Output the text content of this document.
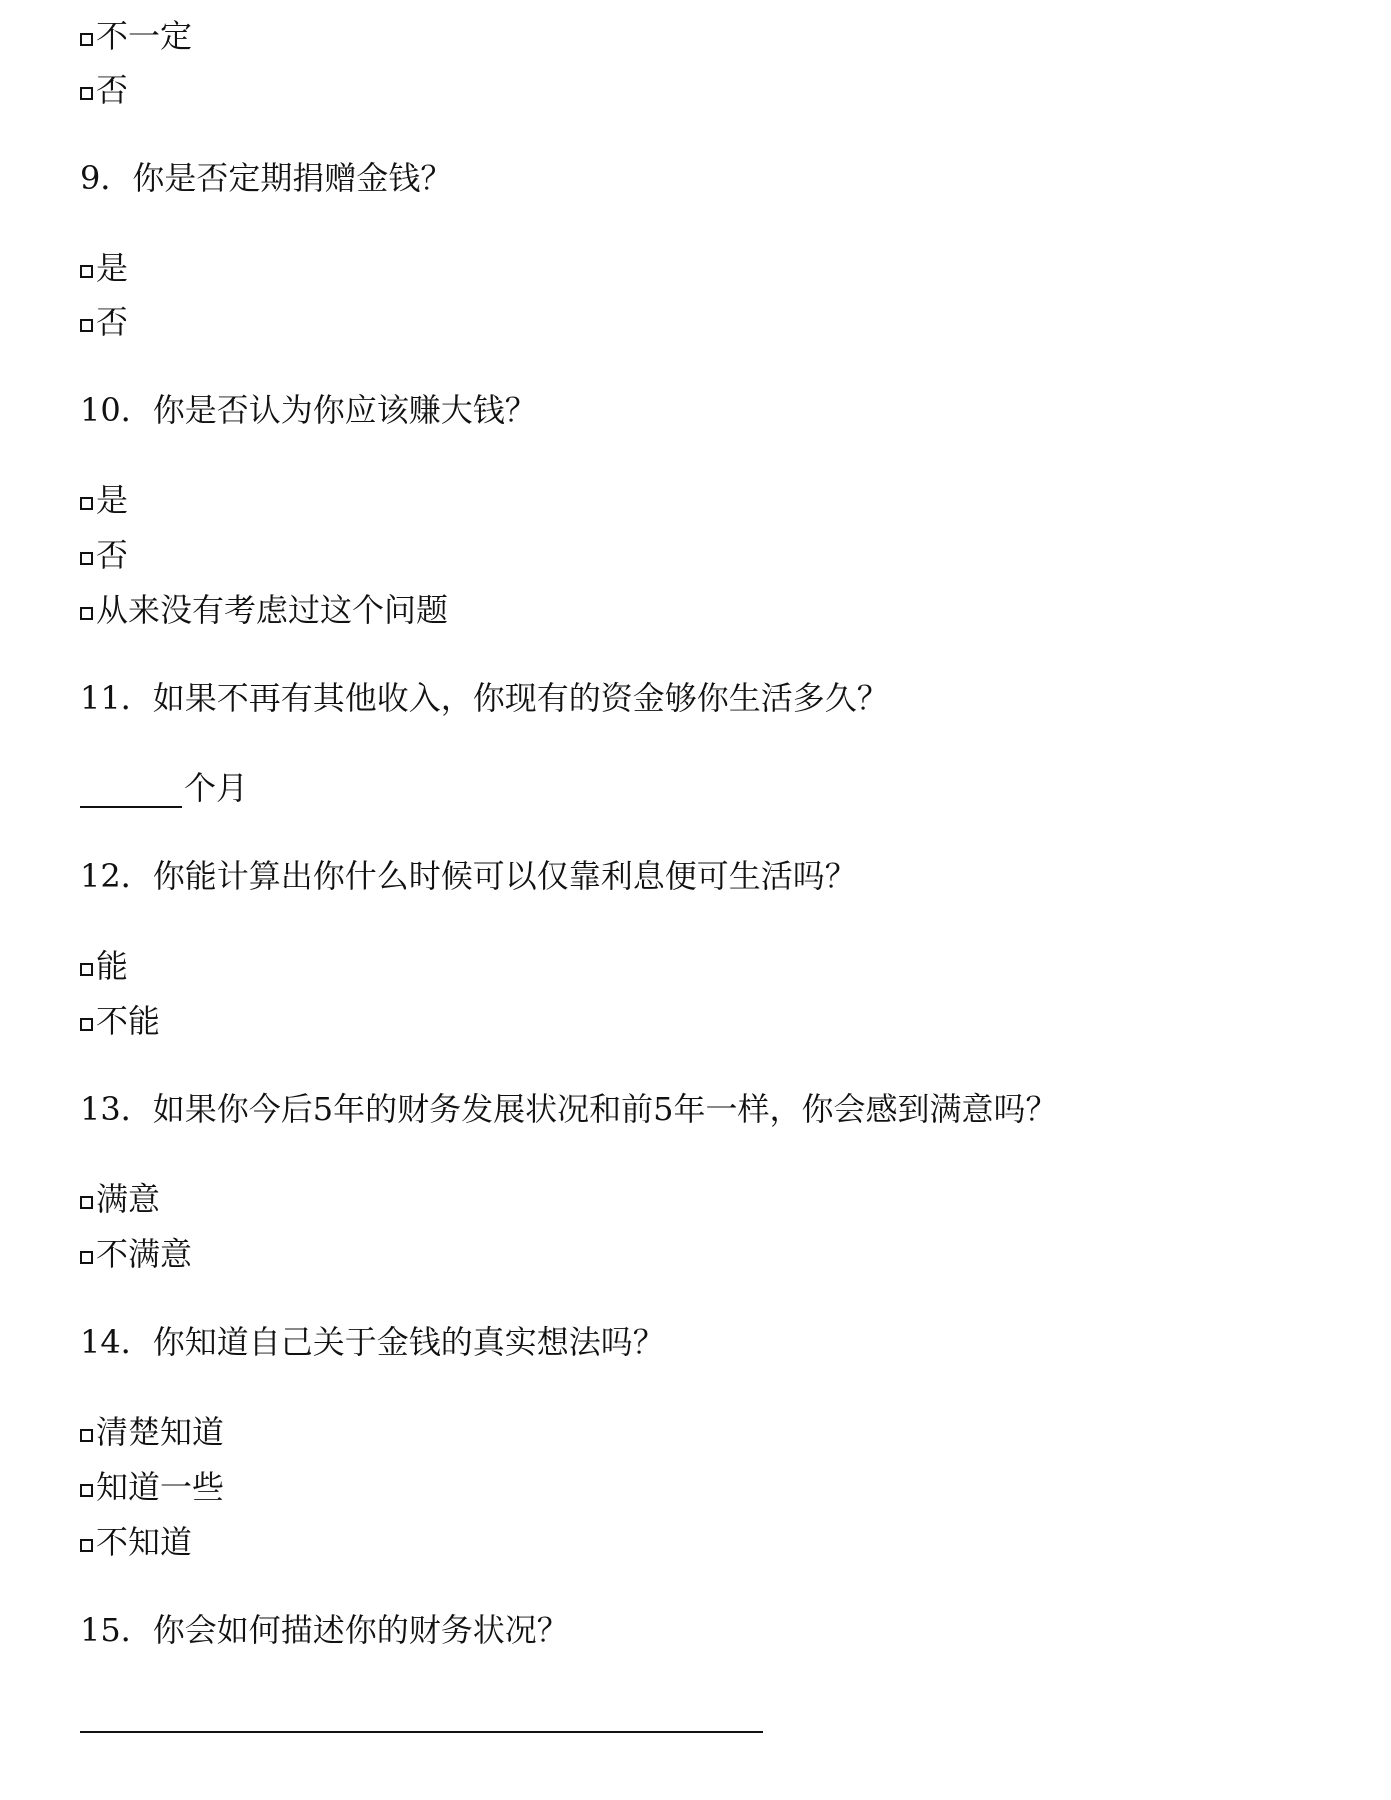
不一定
否
9．你是否定期捐赠金钱？
是
否
10．你是否认为你应该赚大钱？
是
否
从来没有考虑过这个问题
11．如果不再有其他收入，你现有的资金够你生活多久？
个月
12．你能计算出你什么时候可以仅靠利息便可生活吗？
能
不能
13．如果你今后5年的财务发展状况和前5年一样，你会感到满意吗？
满意
不满意
14．你知道自己关于金钱的真实想法吗？
清楚知道
知道一些
不知道
15．你会如何描述你的财务状况？
